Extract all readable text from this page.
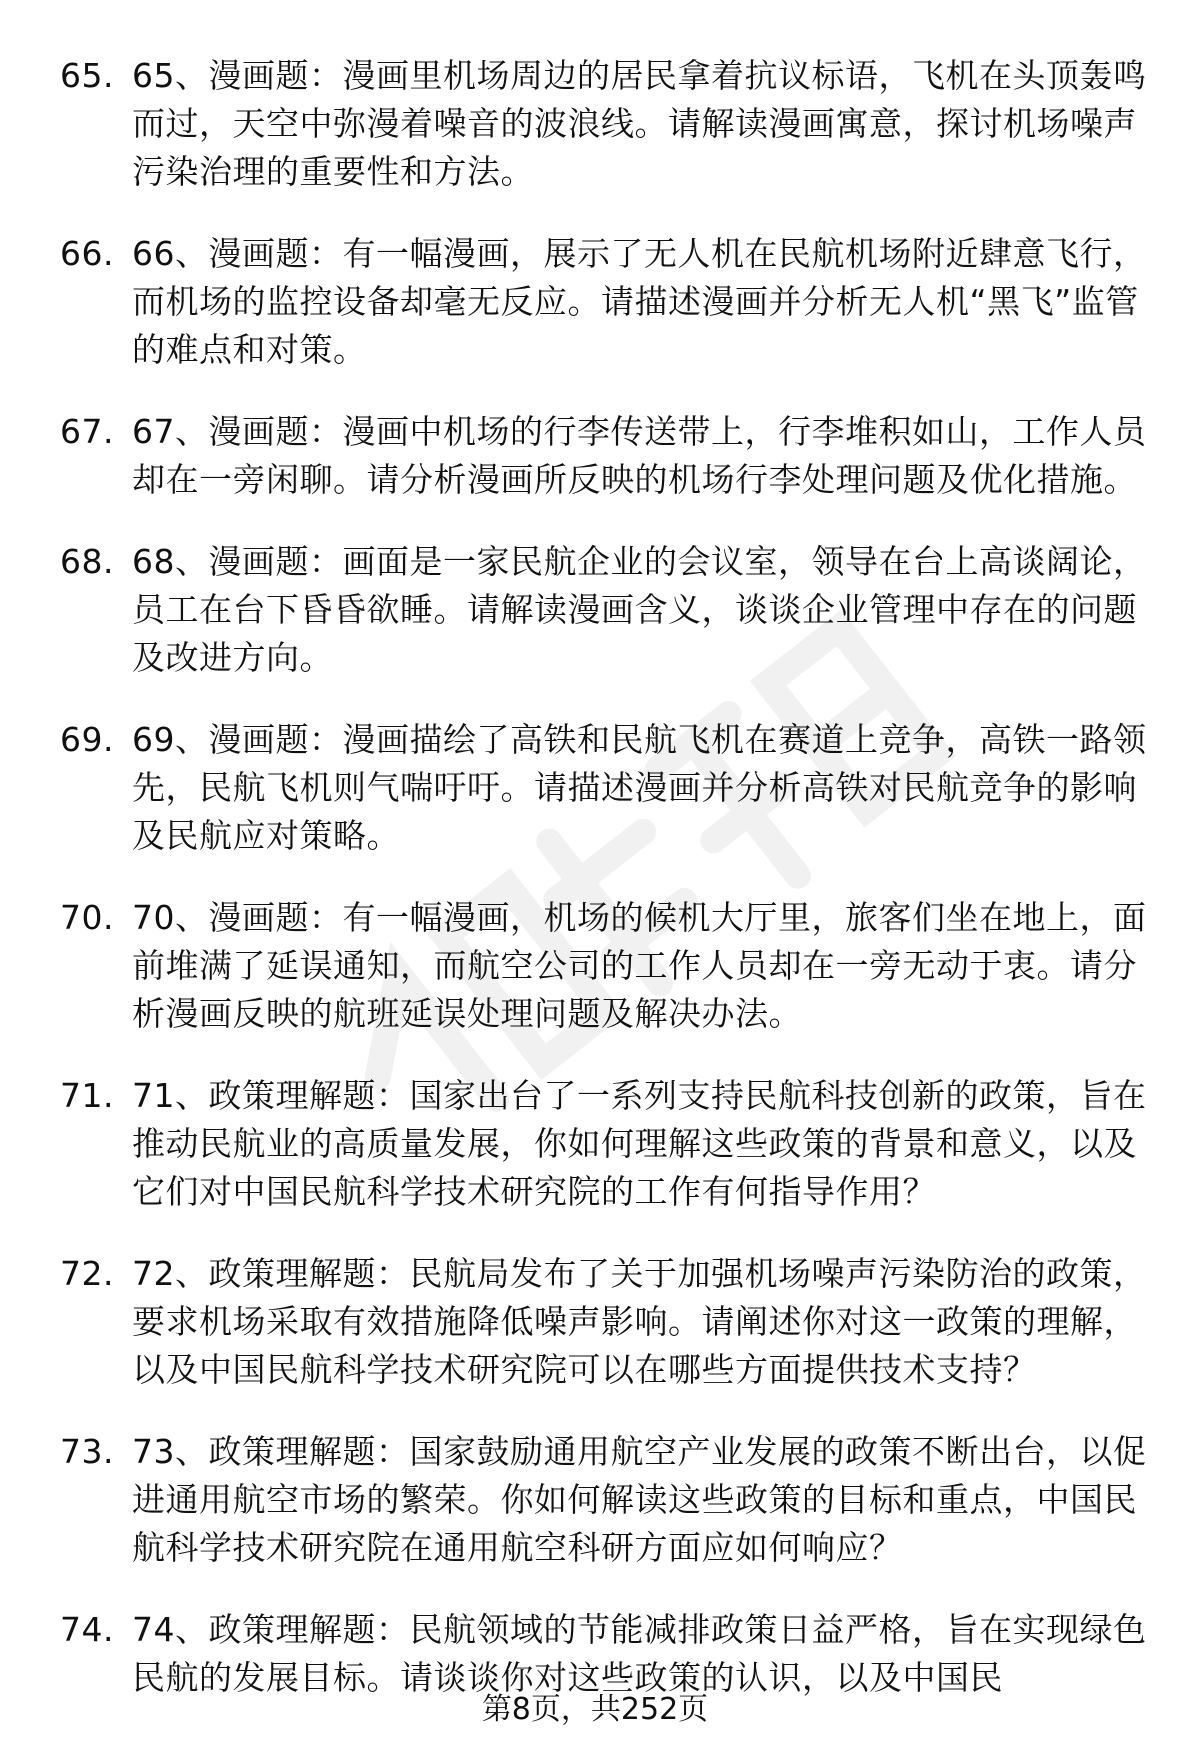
65. 65、漫画题：漫画里机场周边的居民拿着抗议标语，飞机在头顶轰鸣而过，天空中弥漫着噪音的波浪线。请解读漫画寓意，探讨机场噪声污染治理的重要性和方法。
66. 66、漫画题：有一幅漫画，展示了无人机在民航机场附近肆意飞行，而机场的监控设备却毫无反应。请描述漫画并分析无人机“黑飞”监管的难点和对策。
67. 67、漫画题：漫画中机场的行李传送带上，行李堆积如山，工作人员却在一旁闲聊。请分析漫画所反映的机场行李处理问题及优化措施。
68. 68、漫画题：画面是一家民航企业的会议室，领导在台上高谈阔论，员工在台下昏昏欲睡。请解读漫画含义，谈谈企业管理中存在的问题及改进方向。
69. 69、漫画题：漫画描绘了高铁和民航飞机在赛道上竞争，高铁一路领先，民航飞机则气喘吁吁。请描述漫画并分析高铁对民航竞争的影响及民航应对策略。
70. 70、漫画题：有一幅漫画，机场的候机大厅里，旅客们坐在地上，面前堆满了延误通知，而航空公司的工作人员却在一旁无动于衷。请分析漫画反映的航班延误处理问题及解决办法。
71. 71、政策理解题：国家出台了一系列支持民航科技创新的政策，旨在推动民航业的高质量发展，你如何理解这些政策的背景和意义，以及它们对中国民航科学技术研究院的工作有何指导作用？
72. 72、政策理解题：民航局发布了关于加强机场噪声污染防治的政策，要求机场采取有效措施降低噪声影响。请阐述你对这一政策的理解，以及中国民航科学技术研究院可以在哪些方面提供技术支持？
73. 73、政策理解题：国家鼓励通用航空产业发展的政策不断出台，以促进通用航空市场的繁荣。你如何解读这些政策的目标和重点，中国民航科学技术研究院在通用航空科研方面应如何响应？
74. 74、政策理解题：民航领域的节能减排政策日益严格，旨在实现绿色民航的发展目标。请谈谈你对这些政策的认识，以及中国民
第8页，共252页
